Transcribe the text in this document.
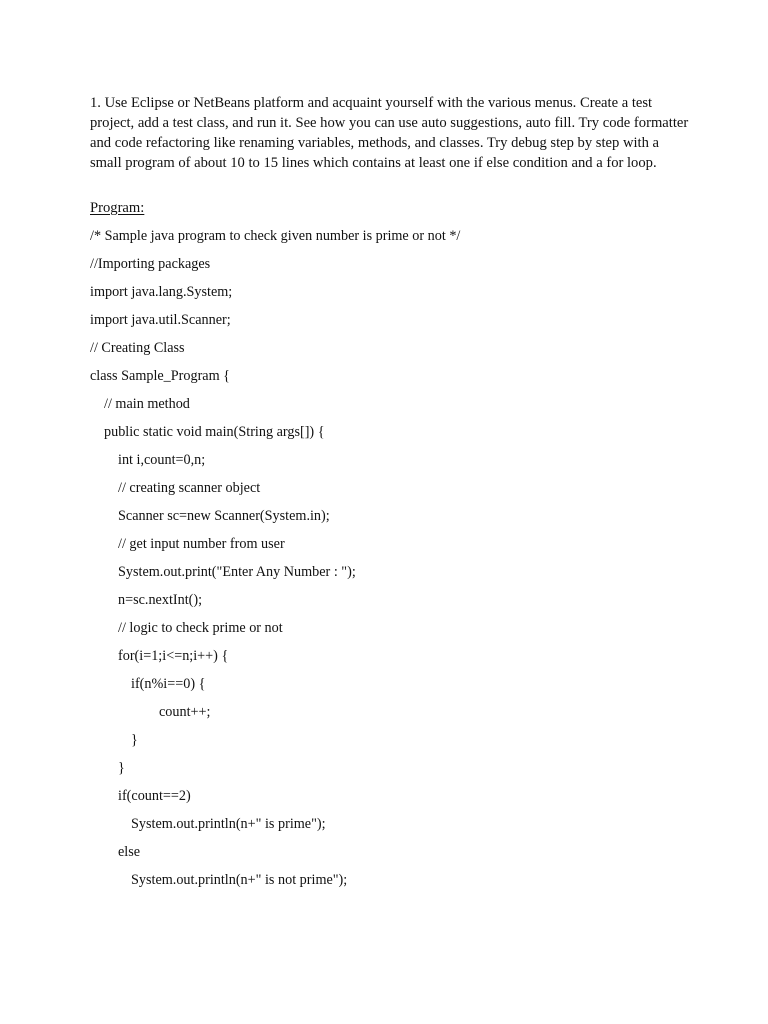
1. Use Eclipse or NetBeans platform and acquaint yourself with the various menus. Create a test project, add a test class, and run it. See how you can use auto suggestions, auto fill. Try code formatter and code refactoring like renaming variables, methods, and classes. Try debug step by step with a small program of about 10 to 15 lines which contains at least one if else condition and a for loop.
Program:
/* Sample java program to check given number is prime or not */
//Importing packages
import java.lang.System;
import java.util.Scanner;
// Creating Class
class Sample_Program {
// main method
public static void main(String args[]) {
int i,count=0,n;
// creating scanner object
Scanner sc=new Scanner(System.in);
// get input number from user
System.out.print("Enter Any Number : ");
n=sc.nextInt();
// logic to check prime or not
for(i=1;i<=n;i++) {
if(n%i==0) {
count++;
}
}
if(count==2)
System.out.println(n+" is prime");
else
System.out.println(n+" is not prime");
